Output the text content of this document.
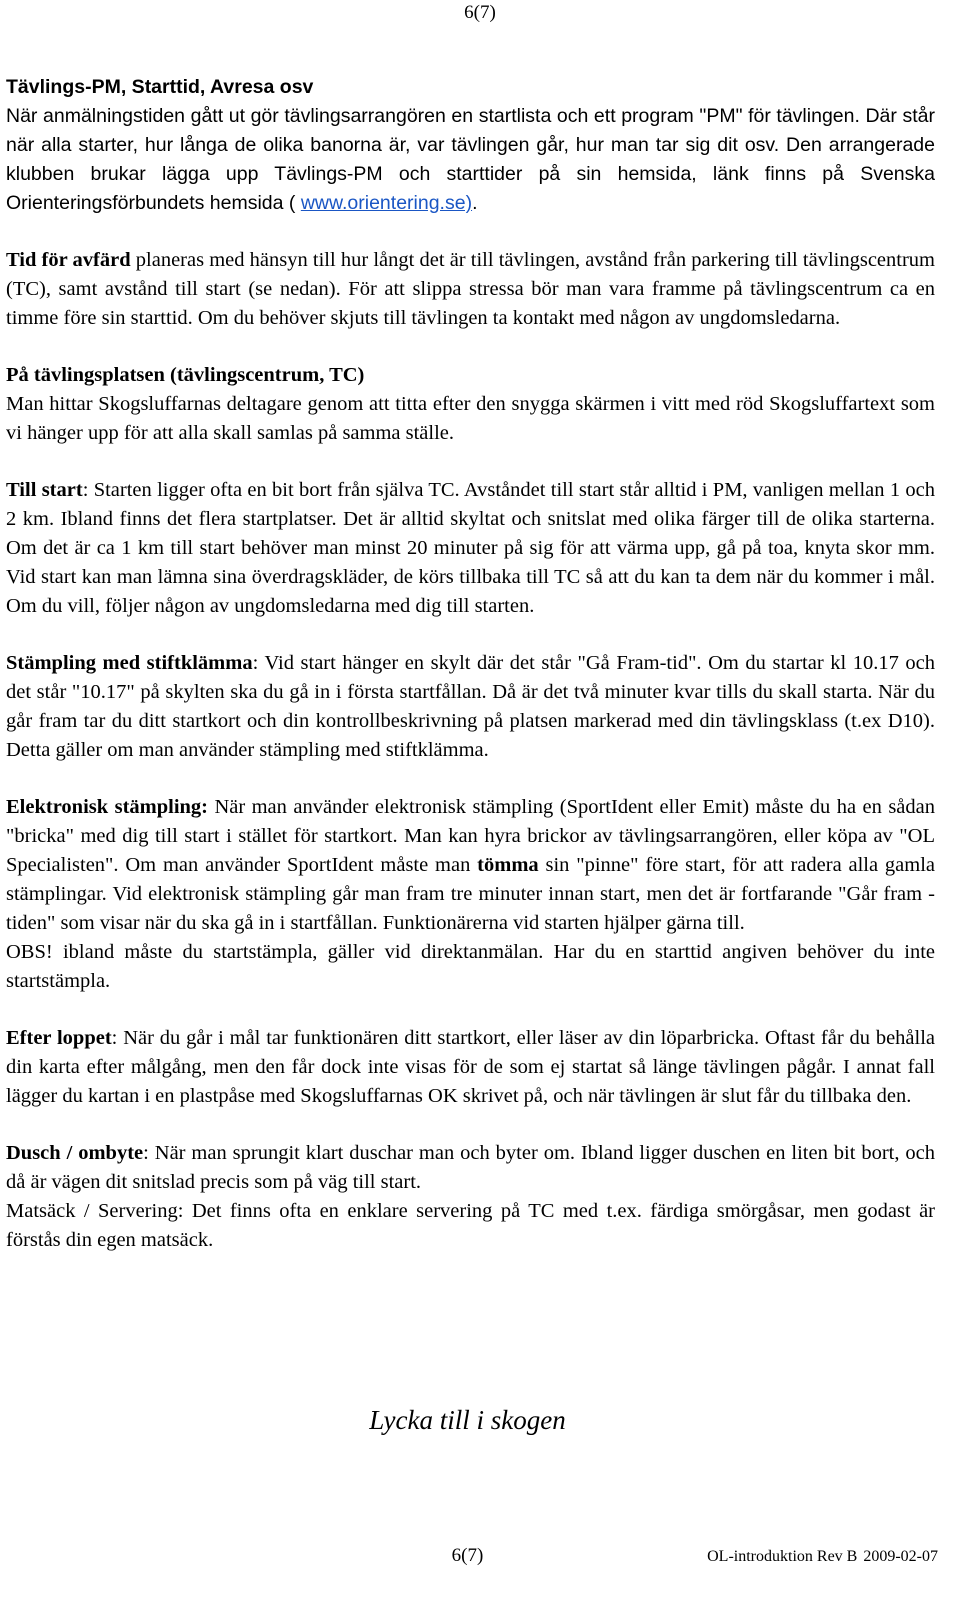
6(7)

Tävlings-PM, Starttid, Avresa osv

När anmälningstiden gått ut gör tävlingsarrangören en startlista och ett program "PM" för tävlingen. Där står när alla starter, hur långa de olika banorna är, var tävlingen går, hur man tar sig dit osv. Den arrangerade klubben brukar lägga upp Tävlings-PM och starttider på sin hemsida, länk finns på Svenska Orienteringsförbundets hemsida ( www.orientering.se).

Tid för avfärd planeras med hänsyn till hur långt det är till tävlingen, avstånd från parkering till tävlingscentrum (TC), samt avstånd till start (se nedan). För att slippa stressa bör man vara framme på tävlingscentrum ca en timme före sin starttid. Om du behöver skjuts till tävlingen ta kontakt med någon av ungdomsledarna.

På tävlingsplatsen (tävlingscentrum, TC)

Man hittar Skogsluffarnas deltagare genom att titta efter den snygga skärmen i vitt med röd Skogsluffartext som vi hänger upp för att alla skall samlas på samma ställe.

Till start: Starten ligger ofta en bit bort från själva TC. Avståndet till start står alltid i PM, vanligen mellan 1 och 2 km. Ibland finns det flera startplatser. Det är alltid skyltat och snitslat med olika färger till de olika starterna. Om det är ca 1 km till start behöver man minst 20 minuter på sig för att värma upp, gå på toa, knyta skor mm. Vid start kan man lämna sina överdragskläder, de körs tillbaka till TC så att du kan ta dem när du kommer i mål. Om du vill, följer någon av ungdomsledarna med dig till starten.

Stämpling med stiftklämma: Vid start hänger en skylt där det står "Gå Fram-tid". Om du startar kl 10.17 och det står "10.17" på skylten ska du gå in i första startfållan. Då är det två minuter kvar tills du skall starta. När du går fram tar du ditt startkort och din kontrollbeskrivning på platsen markerad med din tävlingsklass (t.ex D10). Detta gäller om man använder stämpling med stiftklämma.

Elektronisk stämpling: När man använder elektronisk stämpling (SportIdent eller Emit) måste du ha en sådan "bricka" med dig till start i stället för startkort. Man kan hyra brickor av tävlingsarrangören, eller köpa av "OL Specialisten". Om man använder SportIdent måste man tömma sin "pinne" före start, för att radera alla gamla stämplingar. Vid elektronisk stämpling går man fram tre minuter innan start, men det är fortfarande "Går fram -tiden" som visar när du ska gå in i startfållan. Funktionärerna vid starten hjälper gärna till.

OBS! ibland måste du startstämpla, gäller vid direktanmälan. Har du en starttid angiven behöver du inte startstämpla.

Efter loppet: När du går i mål tar funktionären ditt startkort, eller läser av din löparbricka. Oftast får du behålla din karta efter målgång, men den får dock inte visas för de som ej startat så länge tävlingen pågår. I annat fall lägger du kartan i en plastpåse med Skogsluffarnas OK skrivet på, och när tävlingen är slut får du tillbaka den.

Dusch / ombyte: När man sprungit klart duschar man och byter om. Ibland ligger duschen en liten bit bort, och då är vägen dit snitslad precis som på väg till start.

Matsäck / Servering: Det finns ofta en enklare servering på TC med t.ex. färdiga smörgåsar, men godast är förstås din egen matsäck.

Lycka till i skogen
6(7)	OL-introduktion Rev B 2009-02-07
